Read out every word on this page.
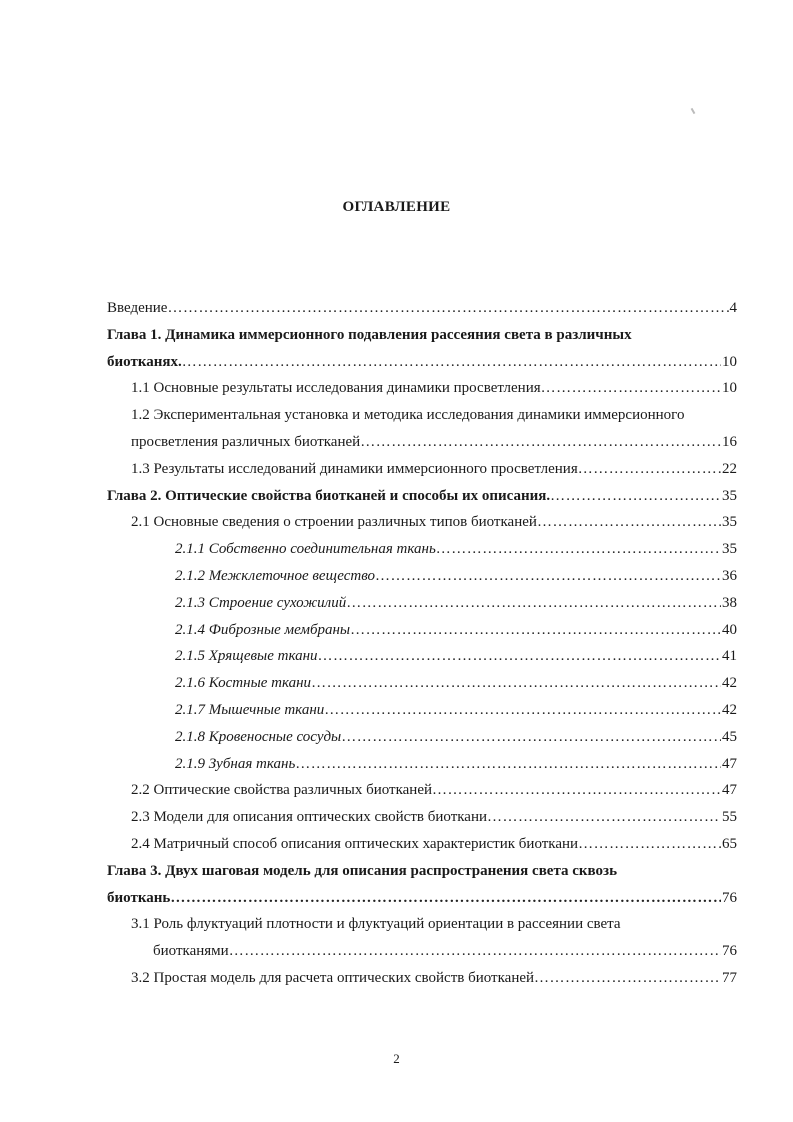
ОГЛАВЛЕНИЕ
Введение ………………………………………………………………………………………………………………………………………………………………………………	4
Глава 1. Динамика иммерсионного подавления рассеяния света в различных
биотканях. ………………………………………………………………………………………………………………………………………………………………………………	10
1.1 Основные результаты исследования динамики просветления ………………………………………………………………………………………………………………………………………………………………………………	10
1.2 Экспериментальная установка и методика исследования динамики иммерсионного
просветления различных биотканей ………………………………………………………………………………………………………………………………………………………………………………	16
1.3 Результаты исследований динамики иммерсионного просветления ………………………………………………………………………………………………………………………………………………………………………………	22
Глава 2. Оптические свойства биотканей и способы их описания. ………………………………………………………………………………………………………………………………………………………………………………	35
2.1 Основные сведения о строении различных типов биотканей ………………………………………………………………………………………………………………………………………………………………………………	35
2.1.1 Собственно соединительная ткань ………………………………………………………………………………………………………………………………………………………………………………	35
2.1.2 Межклеточное вещество ………………………………………………………………………………………………………………………………………………………………………………	36
2.1.3 Строение сухожилий ………………………………………………………………………………………………………………………………………………………………………………	38
2.1.4 Фиброзные мембраны ………………………………………………………………………………………………………………………………………………………………………………	40
2.1.5 Хрящевые ткани ………………………………………………………………………………………………………………………………………………………………………………	41
2.1.6 Костные ткани ………………………………………………………………………………………………………………………………………………………………………………	42
2.1.7 Мышечные ткани ………………………………………………………………………………………………………………………………………………………………………………	42
2.1.8 Кровеносные сосуды ………………………………………………………………………………………………………………………………………………………………………………	45
2.1.9 Зубная ткань ………………………………………………………………………………………………………………………………………………………………………………	47
2.2 Оптические свойства различных биотканей ………………………………………………………………………………………………………………………………………………………………………………	47
2.3 Модели для описания оптических свойств биоткани ………………………………………………………………………………………………………………………………………………………………………………	55
2.4 Матричный способ описания оптических характеристик биоткани ………………………………………………………………………………………………………………………………………………………………………………	65
Глава 3. Двух шаговая модель для описания распространения света сквозь
биоткань ………………………………………………………………………………………………………………………………………………………………………………	76
3.1 Роль флуктуаций плотности и флуктуаций ориентации в рассеянии света
биотканями ………………………………………………………………………………………………………………………………………………………………………………	76
3.2 Простая модель для расчета оптических свойств биотканей ………………………………………………………………………………………………………………………………………………………………………………	77
2
